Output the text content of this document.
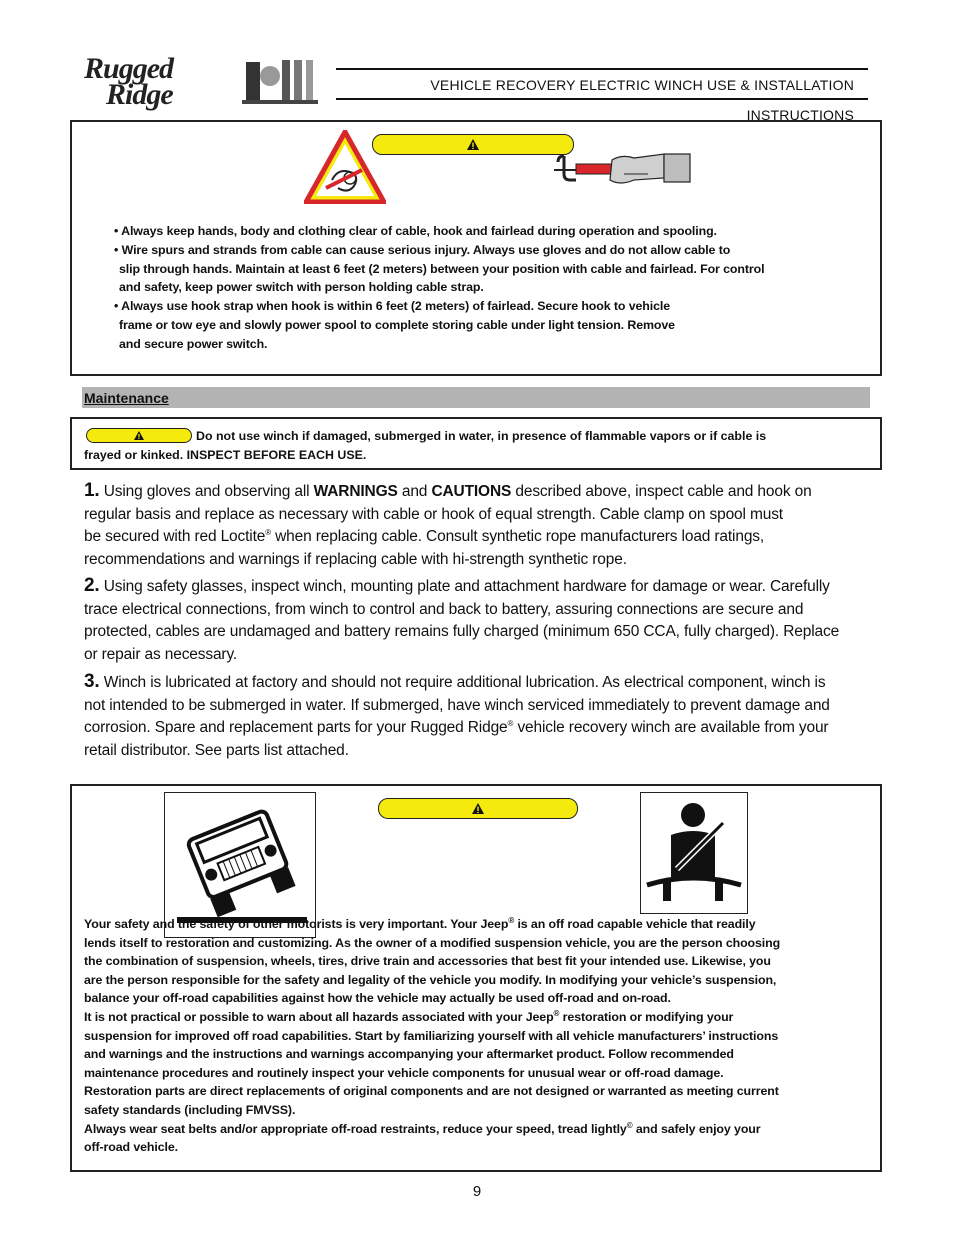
Rugged
Ridge	VEHICLE RECOVERY ELECTRIC WINCH USE & INSTALLATION INSTRUCTIONS

• Always keep hands, body and clothing clear of cable, hook and fairlead during operation and spooling.

• Wire spurs and strands from cable can cause serious injury. Always use gloves and do not allow cable to

slip through hands. Maintain at least 6 feet (2 meters) between your position with cable and fairlead. For control

and safety, keep power switch with person holding cable strap.

• Always use hook strap when hook is within 6 feet (2 meters) of fairlead. Secure hook to vehicle

frame or tow eye and slowly power spool to complete storing cable under light tension. Remove

and secure power switch.

Maintenance
Do not use winch if damaged, submerged in water, in presence of flammable vapors or if cable is
frayed or kinked. INSPECT BEFORE EACH USE.

1. Using gloves and observing all WARNINGS and CAUTIONS described above, inspect cable and hook on

regular basis and replace as necessary with cable or hook of equal strength. Cable clamp on spool must

be secured with red Loctite® when replacing cable. Consult synthetic rope manufacturers load ratings,

recommendations and warnings if replacing cable with hi-strength synthetic rope.

2. Using safety glasses, inspect winch, mounting plate and attachment hardware for damage or wear. Carefully

trace electrical connections, from winch to control and back to battery, assuring connections are secure and

protected, cables are undamaged and battery remains fully charged (minimum 650 CCA, fully charged). Replace

or repair as necessary.

3. Winch is lubricated at factory and should not require additional lubrication. As electrical component, winch is

not intended to be submerged in water. If submerged, have winch serviced immediately to prevent damage and

corrosion. Spare and replacement parts for your Rugged Ridge® vehicle recovery winch are available from your

retail distributor. See parts list attached.

Your safety and the safety of other motorists is very important. Your Jeep® is an off road capable vehicle that readily

lends itself to restoration and customizing. As the owner of a modified suspension vehicle, you are the person choosing

the combination of suspension, wheels, tires, drive train and accessories that best fit your intended use. Likewise, you

are the person responsible for the safety and legality of the vehicle you modify. In modifying your vehicle’s suspension,

balance your off-road capabilities against how the vehicle may actually be used off-road and on-road.

It is not practical or possible to warn about all hazards associated with your Jeep® restoration or modifying your

suspension for improved off road capabilities. Start by familiarizing yourself with all vehicle manufacturers’ instructions

and warnings and the instructions and warnings accompanying your aftermarket product. Follow recommended

maintenance procedures and routinely inspect your vehicle components for unusual wear or off-road damage.

Restoration parts are direct replacements of original components and are not designed or warranted as meeting current

safety standards (including FMVSS).

Always wear seat belts and/or appropriate off-road restraints, reduce your speed, tread lightly© and safely enjoy your

off-road vehicle.

9
